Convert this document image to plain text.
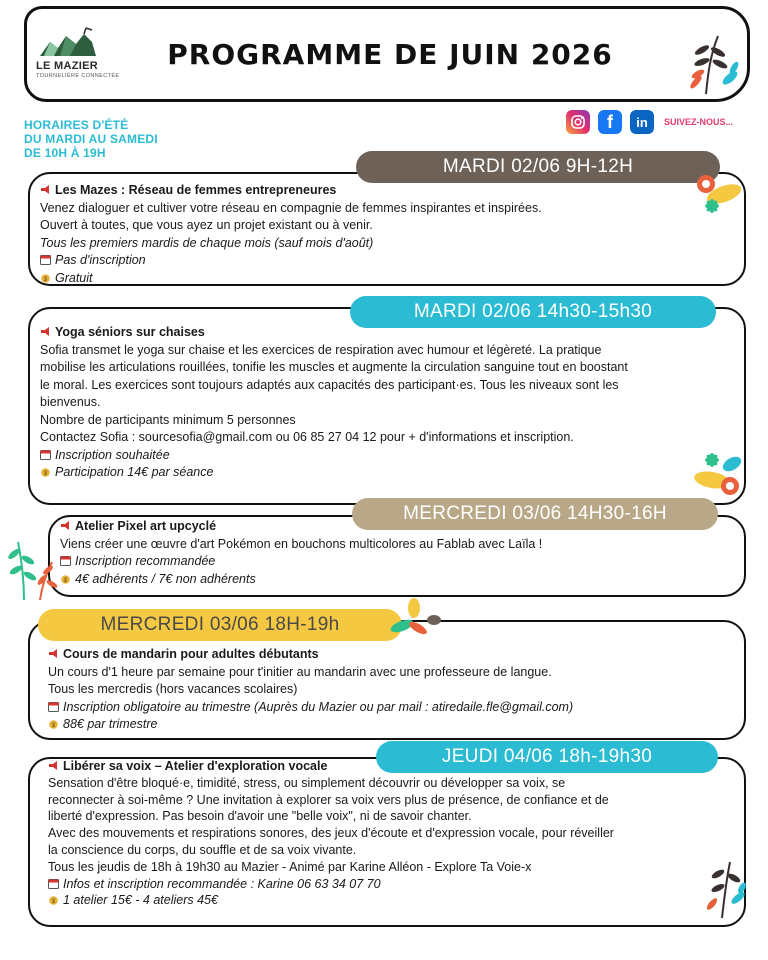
LE MAZIER
TOURNELIÈRE CONNECTÉE
PROGRAMME DE JUIN 2026
HORAIRES D'ÉTÉ
DU MARDI AU SAMEDI
DE 10H À 19H
f	in	SUIVEZ-NOUS...
MARDI 02/06 9H-12H

Les Mazes : Réseau de femmes entrepreneures

Venez dialoguer et cultiver votre réseau en compagnie de femmes inspirantes et inspirées.

Ouvert à toutes, que vous ayez un projet existant ou à venir.

Tous les premiers mardis de chaque mois (sauf mois d'août)

Pas d'inscription

$ Gratuit

MARDI 02/06 14h30-15h30

Yoga séniors sur chaises

Sofia transmet le yoga sur chaise et les exercices de respiration avec humour et légèreté. La pratique

mobilise les articulations rouillées, tonifie les muscles et augmente la circulation sanguine tout en boostant

le moral. Les exercices sont toujours adaptés aux capacités des participant·es. Tous les niveaux sont les

bienvenus.

Nombre de participants minimum 5 personnes

Contactez Sofia : sourcesofia@gmail.com ou 06 85 27 04 12 pour + d'informations et inscription.

Inscription souhaitée

$ Participation 14€ par séance

MERCREDI 03/06 14H30-16H

Atelier Pixel art upcyclé

Viens créer une œuvre d'art Pokémon en bouchons multicolores au Fablab avec Laïla !

Inscription recommandée

$ 4€ adhérents / 7€ non adhérents

MERCREDI 03/06 18H-19h

Cours de mandarin pour adultes débutants

Un cours d'1 heure par semaine pour t'initier au mandarin avec une professeure de langue.

Tous les mercredis (hors vacances scolaires)

Inscription obligatoire au trimestre (Auprès du Mazier ou par mail : atiredaile.fle@gmail.com)

$ 88€ par trimestre

JEUDI 04/06 18h-19h30

Libérer sa voix – Atelier d'exploration vocale

Sensation d'être bloqué·e, timidité, stress, ou simplement découvrir ou développer sa voix, se

reconnecter à soi-même ? Une invitation à explorer sa voix vers plus de présence, de confiance et de

liberté d'expression. Pas besoin d'avoir une "belle voix", ni de savoir chanter.

Avec des mouvements et respirations sonores, des jeux d'écoute et d'expression vocale, pour réveiller

la conscience du corps, du souffle et de sa voix vivante.

Tous les jeudis de 18h à 19h30 au Mazier - Animé par Karine Alléon - Explore Ta Voie-x

Infos et inscription recommandée : Karine 06 63 34 07 70

$ 1 atelier 15€ - 4 ateliers 45€
